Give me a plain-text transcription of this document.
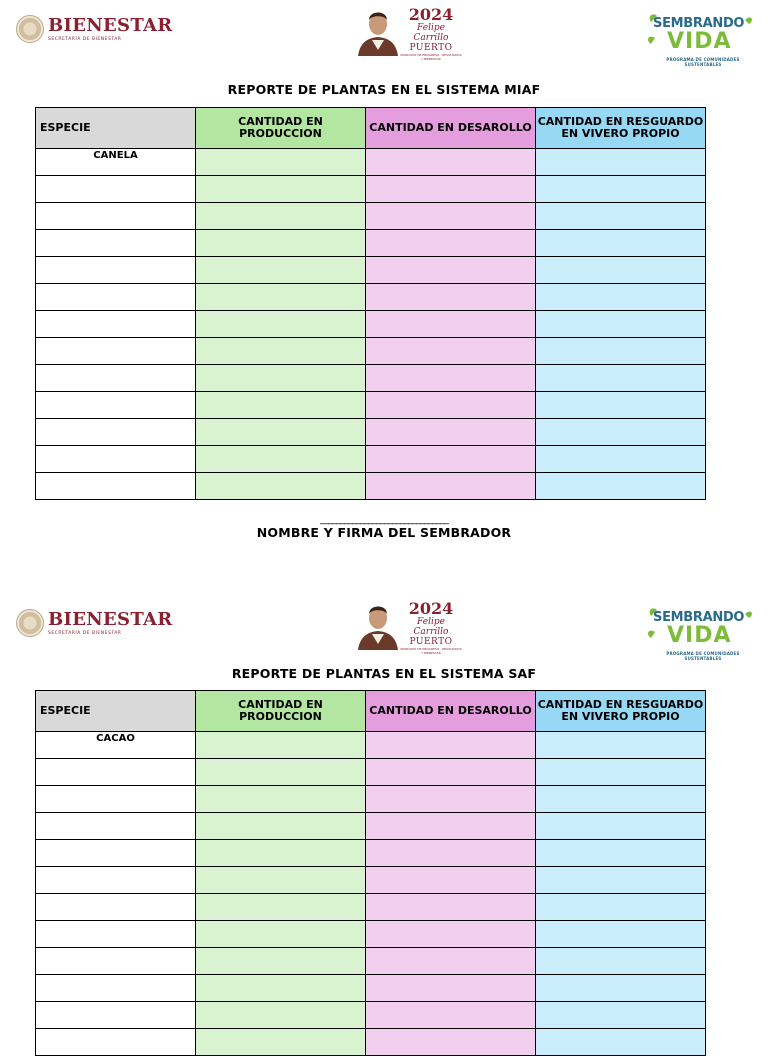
BIENESTAR
SECRETARÍA DE BIENESTAR
2024
Felipe Carrillo
PUERTO
MUNICIPIO DE PROGRESO · RESULTADOS Y BIENESTAR
SEMBRANDO
VIDA
PROGRAMA DE COMUNIDADES SUSTENTABLES
REPORTE DE PLANTAS EN EL SISTEMA MIAF
ESPECIE	CANTIDAD EN PRODUCCION	CANTIDAD EN DESAROLLO	CANTIDAD EN RESGUARDO EN VIVERO PROPIO
CANELA			

________________________________
NOMBRE Y FIRMA DEL SEMBRADOR
BIENESTAR
SECRETARÍA DE BIENESTAR
2024
Felipe Carrillo
PUERTO
MUNICIPIO DE PROGRESO · RESULTADOS Y BIENESTAR
SEMBRANDO
VIDA
PROGRAMA DE COMUNIDADES SUSTENTABLES
REPORTE DE PLANTAS EN EL SISTEMA SAF
ESPECIE	CANTIDAD EN PRODUCCION	CANTIDAD EN DESAROLLO	CANTIDAD EN RESGUARDO EN VIVERO PROPIO
CACAO			
